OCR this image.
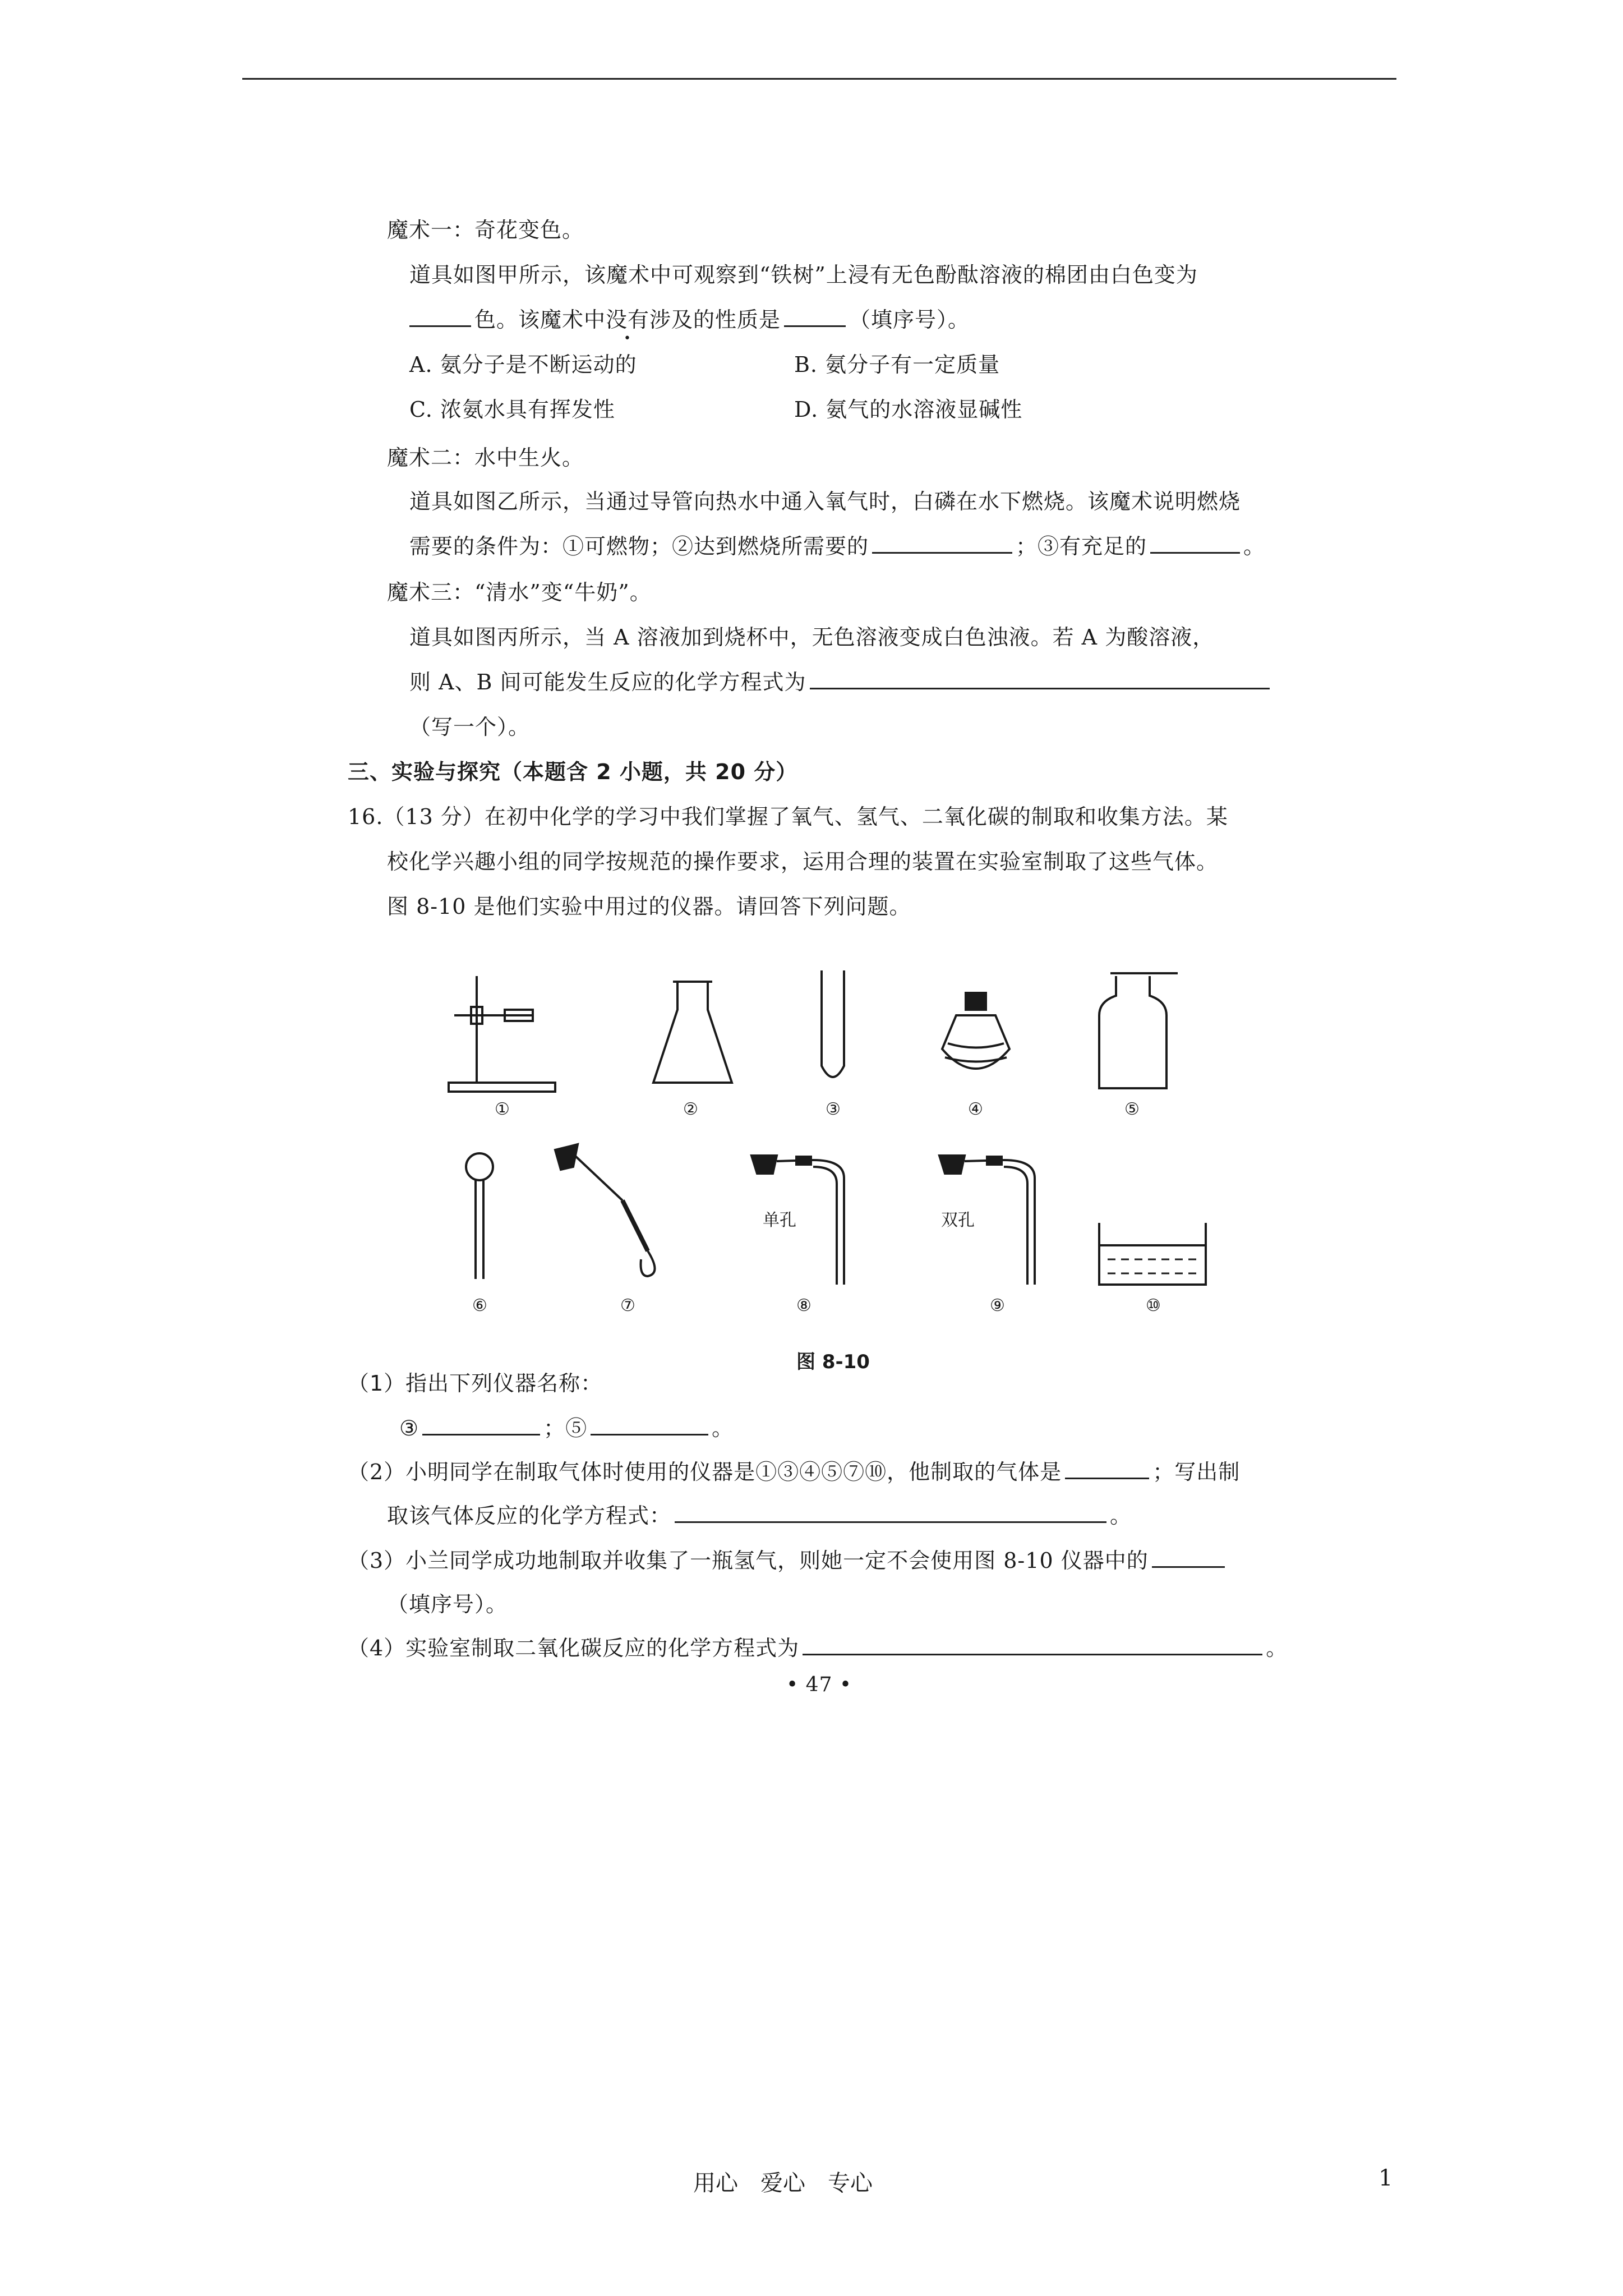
魔术一：奇花变色。
道具如图甲所示，该魔术中可观察到“铁树”上浸有无色酚酞溶液的棉团由白色变为
色。该魔术中没有涉及的性质是	（填序号）。
A. 氨分子是不断运动的	B. 氨分子有一定质量
C. 浓氨水具有挥发性	D. 氨气的水溶液显碱性
魔术二：水中生火。
道具如图乙所示，当通过导管向热水中通入氧气时，白磷在水下燃烧。该魔术说明燃烧
需要的条件为：①可燃物；②达到燃烧所需要的	；③有充足的	。
魔术三：“清水”变“牛奶”。
道具如图丙所示，当 A 溶液加到烧杯中，无色溶液变成白色浊液。若 A 为酸溶液，
则 A、B 间可能发生反应的化学方程式为
（写一个）。
三、实验与探究（本题含 2 小题，共 20 分）
16.（13 分）在初中化学的学习中我们掌握了氧气、氢气、二氧化碳的制取和收集方法。某
校化学兴趣小组的同学按规范的操作要求，运用合理的装置在实验室制取了这些气体。
图 8-10 是他们实验中用过的仪器。请回答下列问题。
①	②	③	④	⑤
⑥	⑦	⑧	⑨	⑩
单孔	双孔
图 8-10
（1）指出下列仪器名称：
③	；⑤	。
（2）小明同学在制取气体时使用的仪器是①③④⑤⑦⑩，他制取的气体是	；写出制
取该气体反应的化学方程式：	。
（3）小兰同学成功地制取并收集了一瓶氢气，则她一定不会使用图 8-10 仪器中的
（填序号）。
（4）实验室制取二氧化碳反应的化学方程式为	。
• 47 •
用心　爱心　专心	1
